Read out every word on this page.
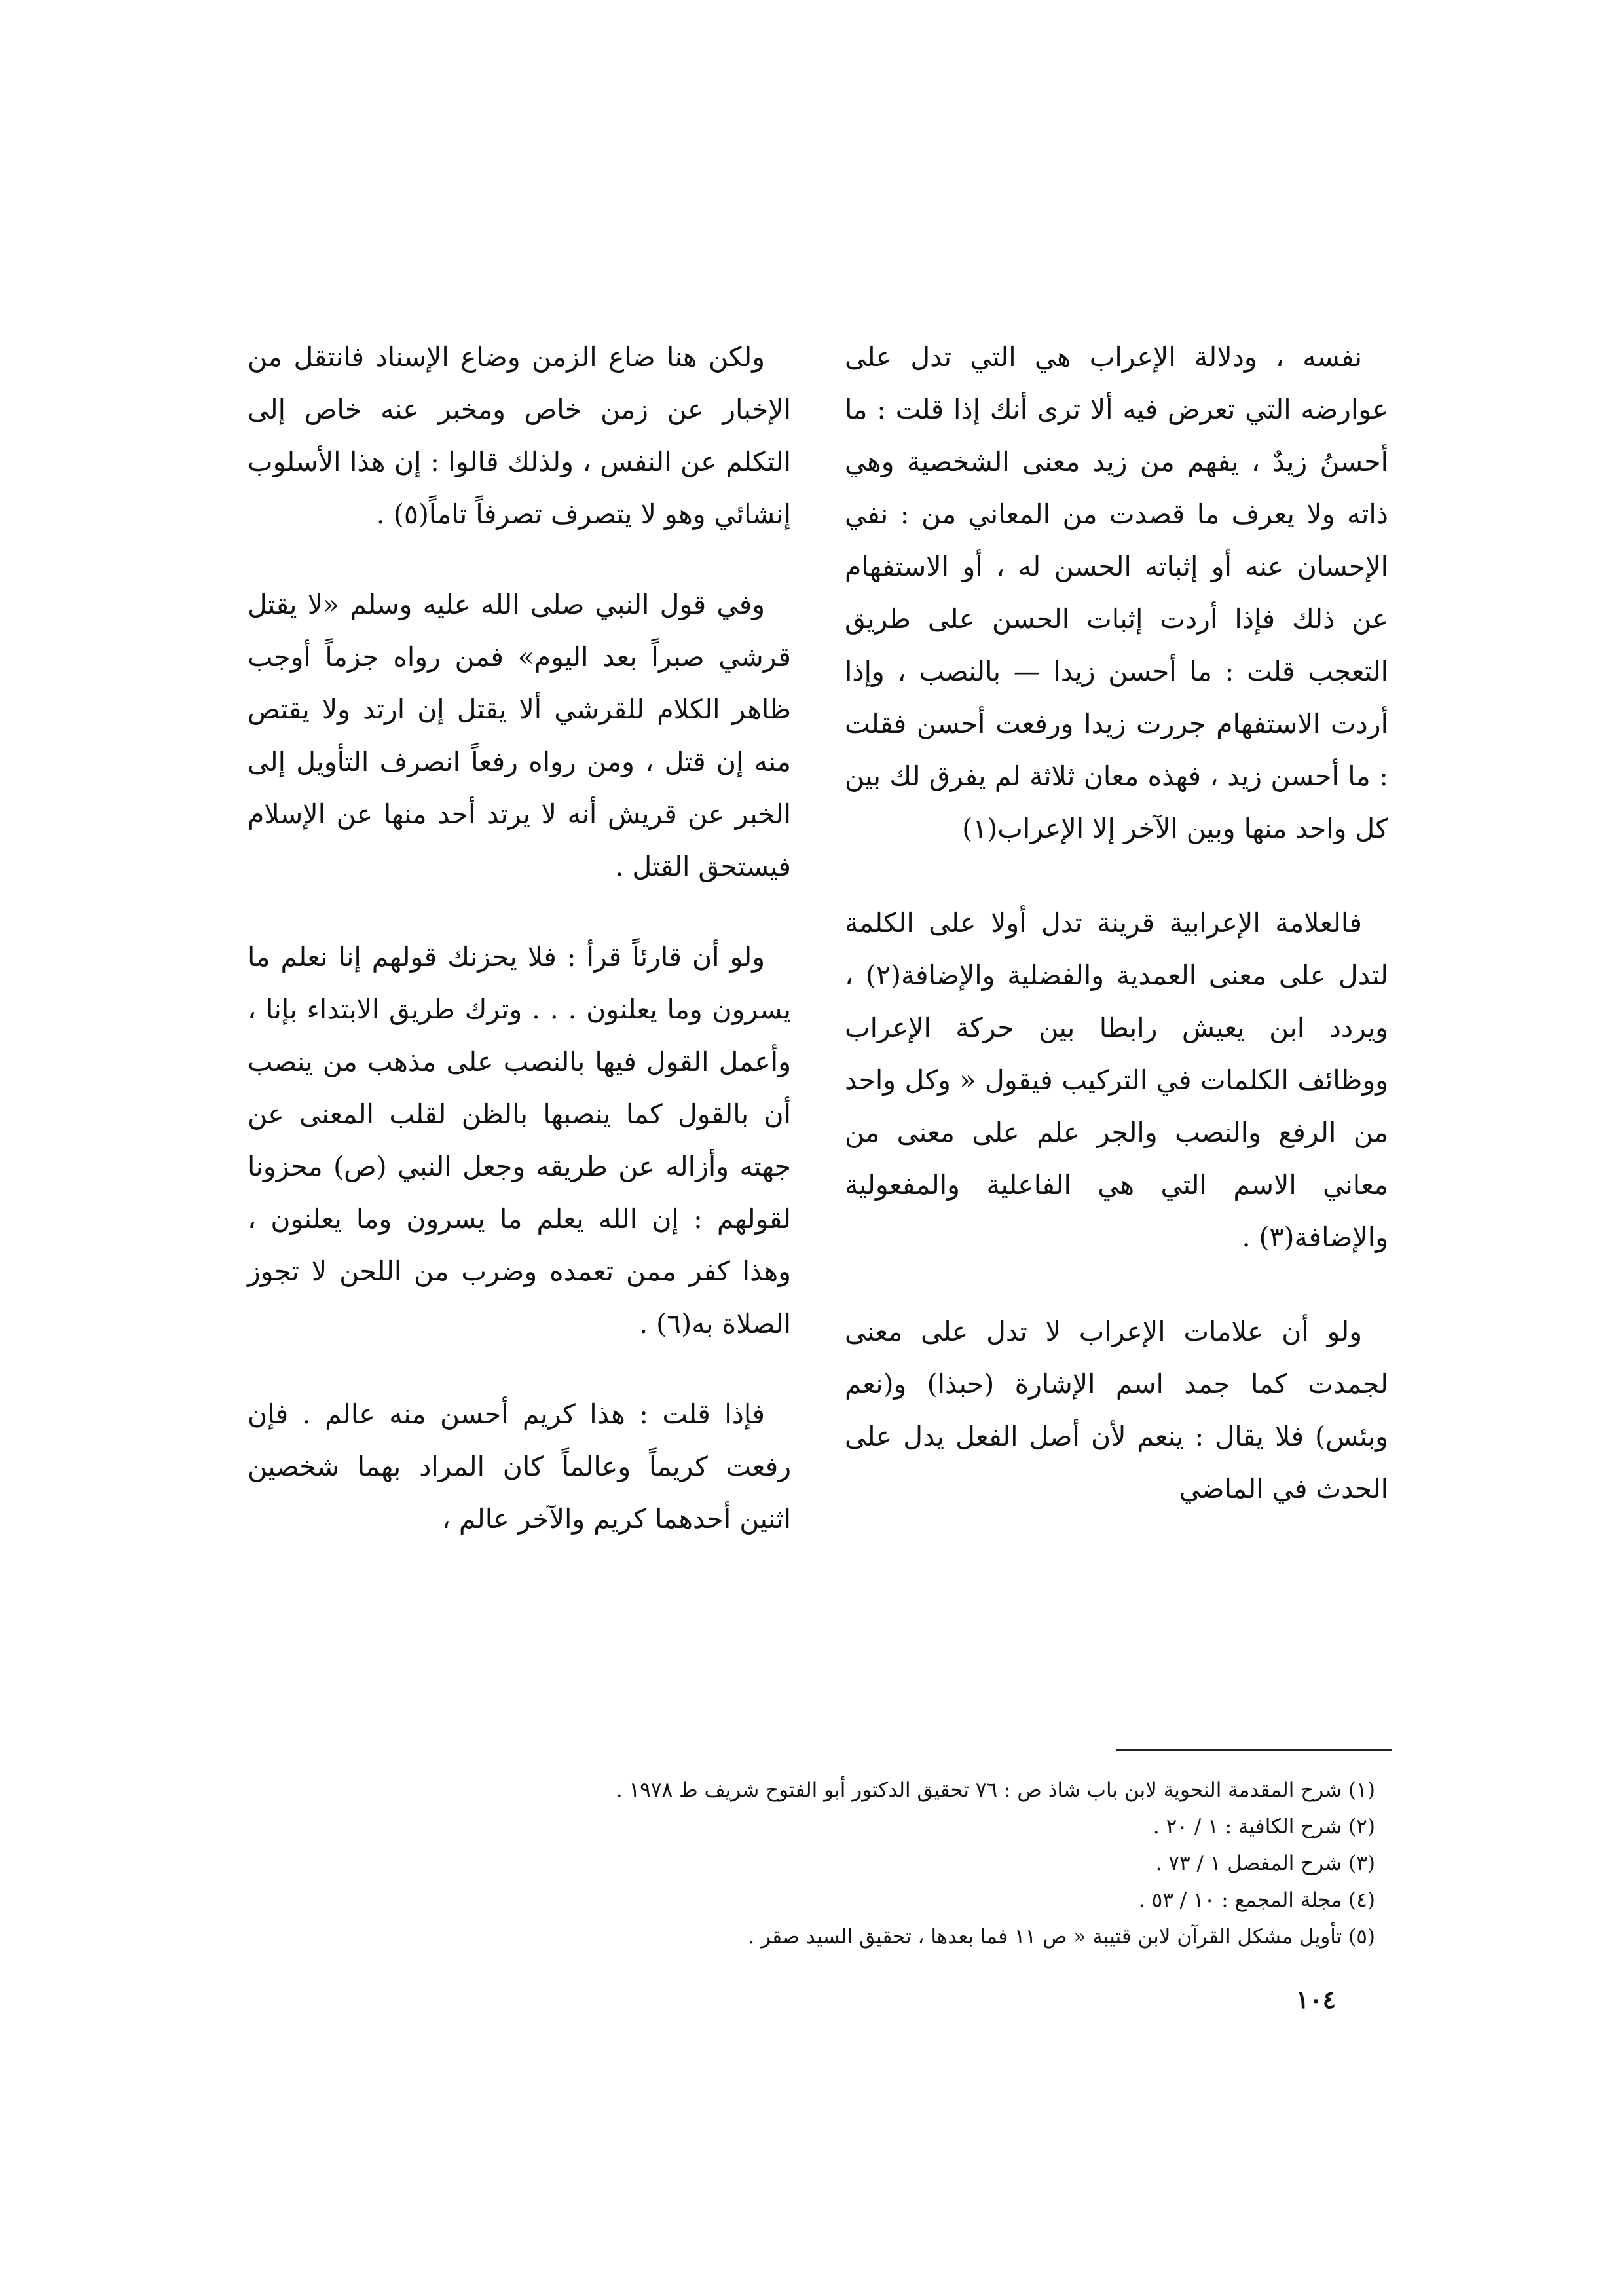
نفسه ، ودلالة الإعراب هي التي تدل على عوارضه التي تعرض فيه ألا ترى أنك إذا قلت : ما أحسنُ زيدٌ ، يفهم من زيد معنى الشخصية وهي ذاته ولا يعرف ما قصدت من المعاني من : نفي الإحسان عنه أو إثباته الحسن له ، أو الاستفهام عن ذلك فإذا أردت إثبات الحسن على طريق التعجب قلت : ما أحسن زيدا — بالنصب ، وإذا أردت الاستفهام جررت زيدا ورفعت أحسن فقلت : ما أحسن زيد ، فهذه معان ثلاثة لم يفرق لك بين كل واحد منها وبين الآخر إلا الإعراب(١)

فالعلامة الإعرابية قرينة تدل أولا على الكلمة لتدل على معنى العمدية والفضلية والإضافة(٢) ، ويردد ابن يعيش رابطا بين حركة الإعراب ووظائف الكلمات في التركيب فيقول « وكل واحد من الرفع والنصب والجر علم على معنى من معاني الاسم التي هي الفاعلية والمفعولية والإضافة(٣) .

ولو أن علامات الإعراب لا تدل على معنى لجمدت كما جمد اسم الإشارة (حبذا) و(نعم وبئس) فلا يقال : ينعم لأن أصل الفعل يدل على الحدث في الماضي

ولكن هنا ضاع الزمن وضاع الإسناد فانتقل من الإخبار عن زمن خاص ومخبر عنه خاص إلى التكلم عن النفس ، ولذلك قالوا : إن هذا الأسلوب إنشائي وهو لا يتصرف تصرفاً تاماً(٥) .

وفي قول النبي صلى الله عليه وسلم «لا يقتل قرشي صبراً بعد اليوم» فمن رواه جزماً أوجب ظاهر الكلام للقرشي ألا يقتل إن ارتد ولا يقتص منه إن قتل ، ومن رواه رفعاً انصرف التأويل إلى الخبر عن قريش أنه لا يرتد أحد منها عن الإسلام فيستحق القتل .

ولو أن قارئاً قرأ : فلا يحزنك قولهم إنا نعلم ما يسرون وما يعلنون . . . وترك طريق الابتداء بإنا ، وأعمل القول فيها بالنصب على مذهب من ينصب أن بالقول كما ينصبها بالظن لقلب المعنى عن جهته وأزاله عن طريقه وجعل النبي (ص) محزونا لقولهم : إن الله يعلم ما يسرون وما يعلنون ، وهذا كفر ممن تعمده وضرب من اللحن لا تجوز الصلاة به(٦) .

فإذا قلت : هذا كريم أحسن منه عالم . فإن رفعت كريماً وعالماً كان المراد بهما شخصين اثنين أحدهما كريم والآخر عالم ،

(١) شرح المقدمة النحوية لابن باب شاذ ص : ٧٦ تحقيق الدكتور أبو الفتوح شريف ط ١٩٧٨ .

(٢) شرح الكافية : ١ / ٢٠ .

(٣) شرح المفصل ١ / ٧٣ .

(٤) مجلة المجمع : ١٠ / ٥٣ .

(٥) تأويل مشكل القرآن لابن قتيبة « ص ١١ فما بعدها ، تحقيق السيد صقر .

١٠٤
